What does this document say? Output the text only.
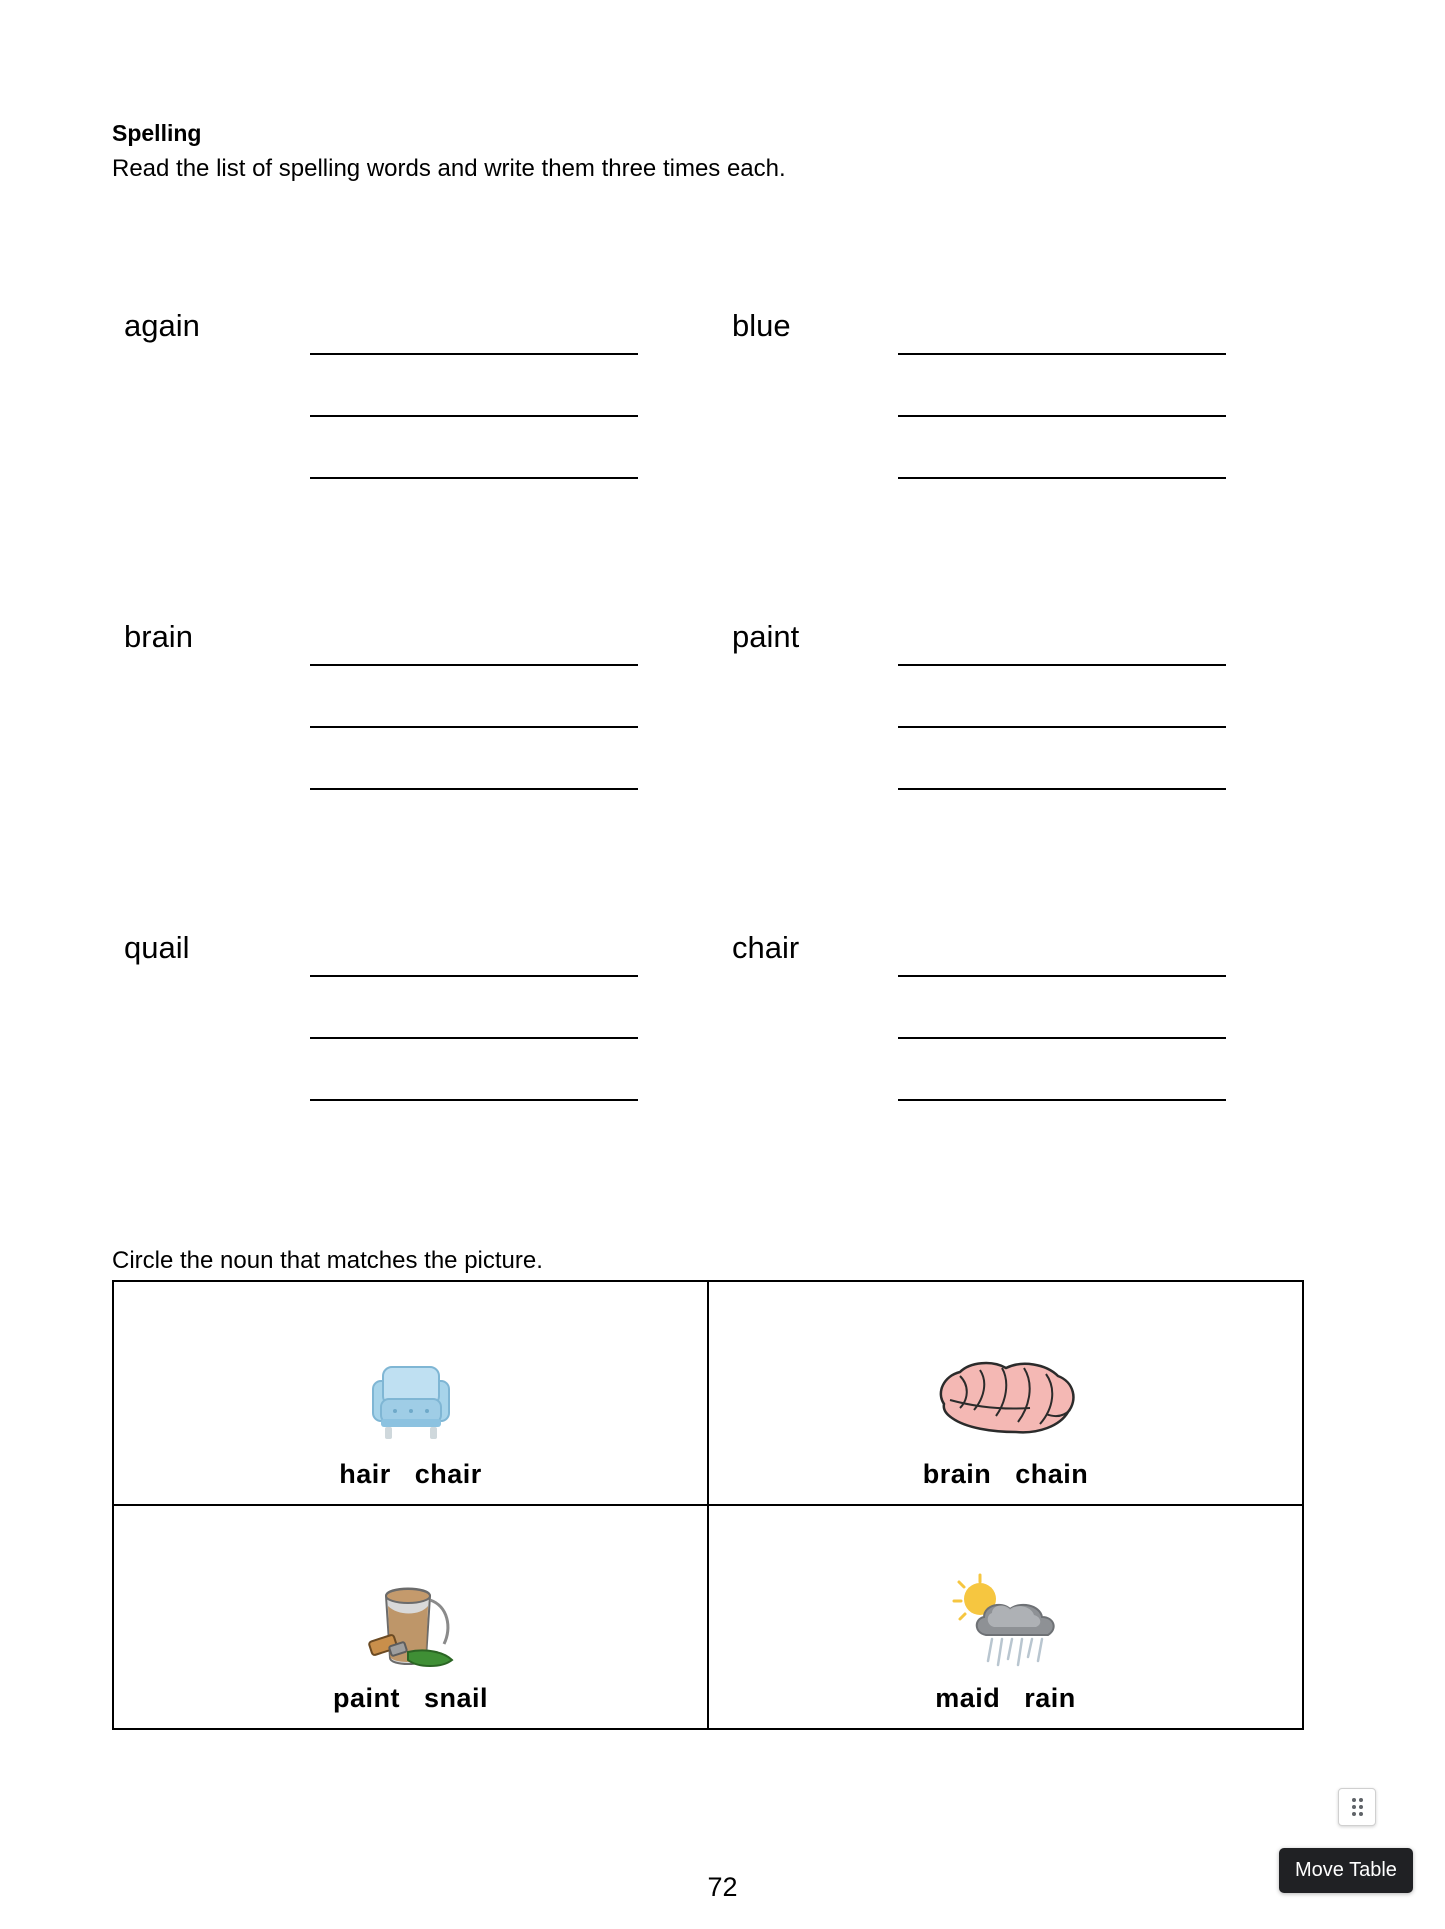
Spelling

Read the list of spelling words and write them three times each.

again	blue
brain	paint
quail	chair
Circle the noun that matches the picture.
hair chair	brain chain

paint snail	maid rain
72
Move Table
